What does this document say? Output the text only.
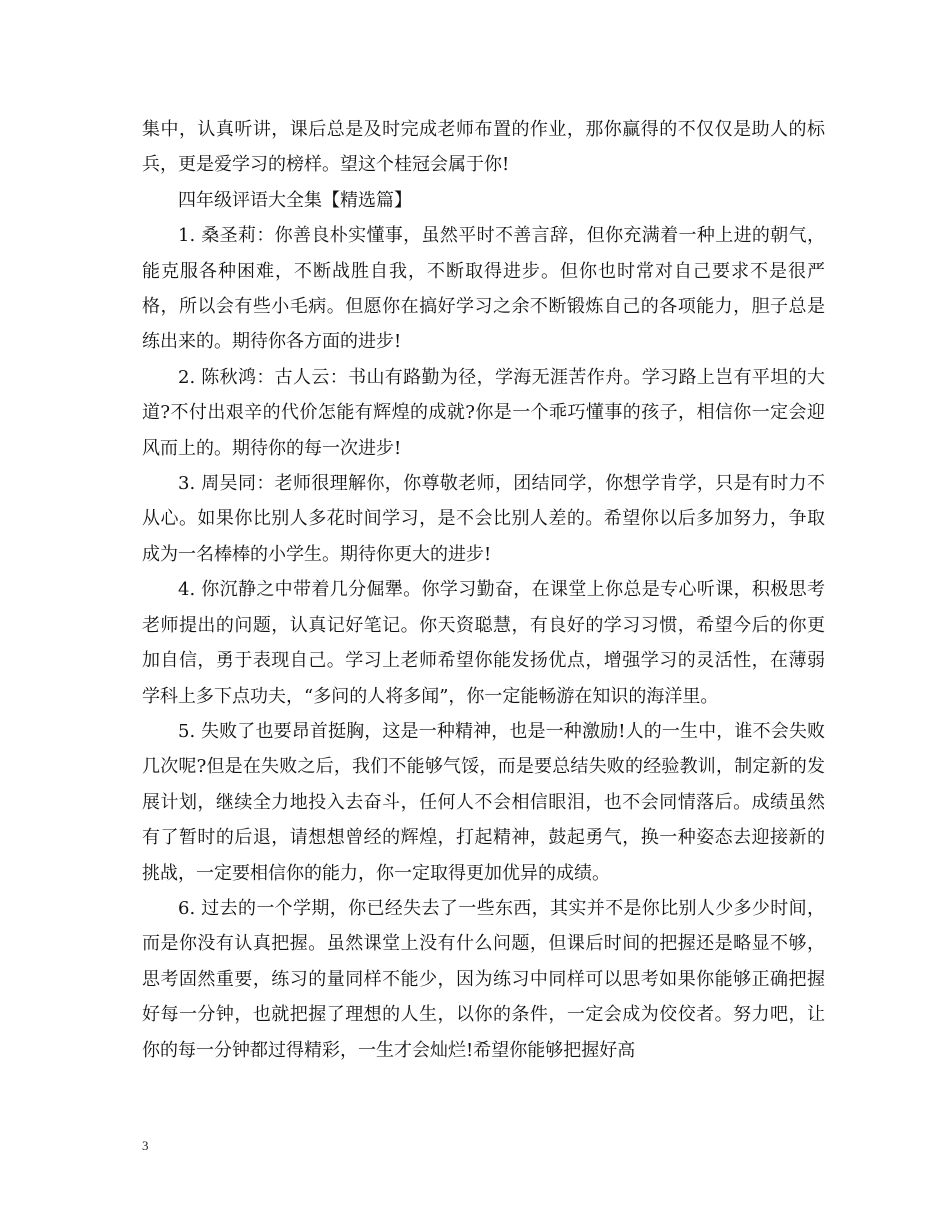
集中，认真听讲，课后总是及时完成老师布置的作业，那你赢得的不仅仅是助人的标兵，更是爱学习的榜样。望这个桂冠会属于你!

四年级评语大全集【精选篇】

1. 桑圣莉：你善良朴实懂事，虽然平时不善言辞，但你充满着一种上进的朝气，能克服各种困难，不断战胜自我，不断取得进步。但你也时常对自己要求不是很严格，所以会有些小毛病。但愿你在搞好学习之余不断锻炼自己的各项能力，胆子总是练出来的。期待你各方面的进步!

2. 陈秋鸿：古人云：书山有路勤为径，学海无涯苦作舟。学习路上岂有平坦的大道?不付出艰辛的代价怎能有辉煌的成就?你是一个乖巧懂事的孩子，相信你一定会迎风而上的。期待你的每一次进步!

3. 周吴同：老师很理解你，你尊敬老师，团结同学，你想学肯学，只是有时力不从心。如果你比别人多花时间学习，是不会比别人差的。希望你以后多加努力，争取成为一名棒棒的小学生。期待你更大的进步!

4. 你沉静之中带着几分倔犟。你学习勤奋，在课堂上你总是专心听课，积极思考老师提出的问题，认真记好笔记。你天资聪慧，有良好的学习习惯，希望今后的你更加自信，勇于表现自己。学习上老师希望你能发扬优点，增强学习的灵活性，在薄弱学科上多下点功夫，“多问的人将多闻”，你一定能畅游在知识的海洋里。

5. 失败了也要昂首挺胸，这是一种精神，也是一种激励!人的一生中，谁不会失败几次呢?但是在失败之后，我们不能够气馁，而是要总结失败的经验教训，制定新的发展计划，继续全力地投入去奋斗，任何人不会相信眼泪，也不会同情落后。成绩虽然有了暂时的后退，请想想曾经的辉煌，打起精神，鼓起勇气，换一种姿态去迎接新的挑战，一定要相信你的能力，你一定取得更加优异的成绩。

6. 过去的一个学期，你已经失去了一些东西，其实并不是你比别人少多少时间，而是你没有认真把握。虽然课堂上没有什么问题，但课后时间的把握还是略显不够，思考固然重要，练习的量同样不能少，因为练习中同样可以思考如果你能够正确把握好每一分钟，也就把握了理想的人生，以你的条件，一定会成为佼佼者。努力吧，让你的每一分钟都过得精彩，一生才会灿烂!希望你能够把握好高

3
